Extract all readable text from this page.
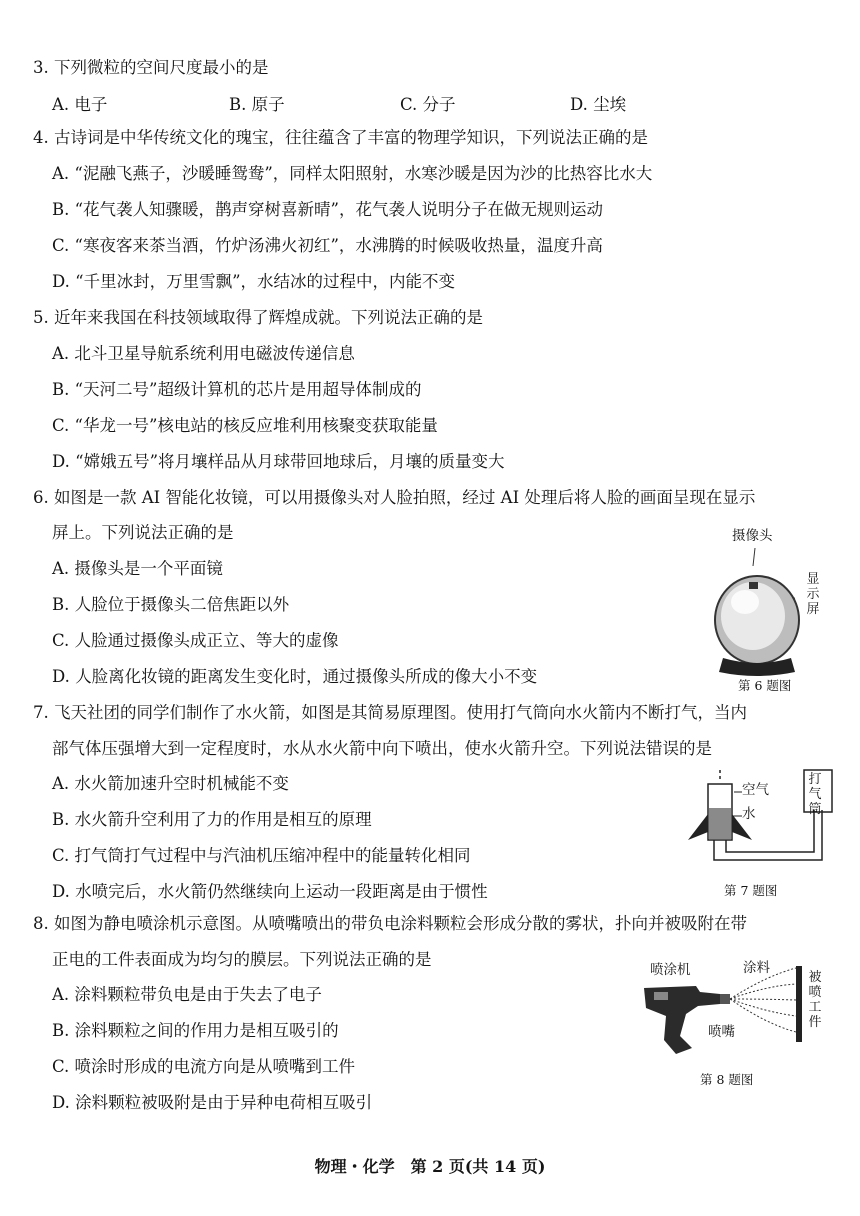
3. 下列微粒的空间尺度最小的是
A. 电子	B. 原子	C. 分子	D. 尘埃
4. 古诗词是中华传统文化的瑰宝，往往蕴含了丰富的物理学知识，下列说法正确的是
A. “泥融飞燕子，沙暖睡鸳鸯”，同样太阳照射，水寒沙暖是因为沙的比热容比水大
B. “花气袭人知骤暖，鹊声穿树喜新晴”，花气袭人说明分子在做无规则运动
C. “寒夜客来茶当酒，竹炉汤沸火初红”，水沸腾的时候吸收热量，温度升高
D. “千里冰封，万里雪飘”，水结冰的过程中，内能不变
5. 近年来我国在科技领域取得了辉煌成就。下列说法正确的是
A. 北斗卫星导航系统利用电磁波传递信息
B. “天河二号”超级计算机的芯片是用超导体制成的
C. “华龙一号”核电站的核反应堆利用核聚变获取能量
D. “嫦娥五号”将月壤样品从月球带回地球后，月壤的质量变大
6. 如图是一款 AI 智能化妆镜，可以用摄像头对人脸拍照，经过 AI 处理后将人脸的画面呈现在显示
屏上。下列说法正确的是
A. 摄像头是一个平面镜
B. 人脸位于摄像头二倍焦距以外
C. 人脸通过摄像头成正立、等大的虚像
D. 人脸离化妆镜的距离发生变化时，通过摄像头所成的像大小不变
摄像头
显示屏
第 6 题图
7. 飞天社团的同学们制作了水火箭，如图是其简易原理图。使用打气筒向水火箭内不断打气，当内
部气体压强增大到一定程度时，水从水火箭中向下喷出，使水火箭升空。下列说法错误的是
A. 水火箭加速升空时机械能不变
B. 水火箭升空利用了力的作用是相互的原理
C. 打气筒打气过程中与汽油机压缩冲程中的能量转化相同
D. 水喷完后，水火箭仍然继续向上运动一段距离是由于惯性
空气
水
打气筒
第 7 题图
8. 如图为静电喷涂机示意图。从喷嘴喷出的带负电涂料颗粒会形成分散的雾状，扑向并被吸附在带
正电的工件表面成为均匀的膜层。下列说法正确的是
A. 涂料颗粒带负电是由于失去了电子
B. 涂料颗粒之间的作用力是相互吸引的
C. 喷涂时形成的电流方向是从喷嘴到工件
D. 涂料颗粒被吸附是由于异种电荷相互吸引
喷涂机	涂料
喷嘴
被喷工件
第 8 题图
物理・化学　第 2 页(共 14 页)
